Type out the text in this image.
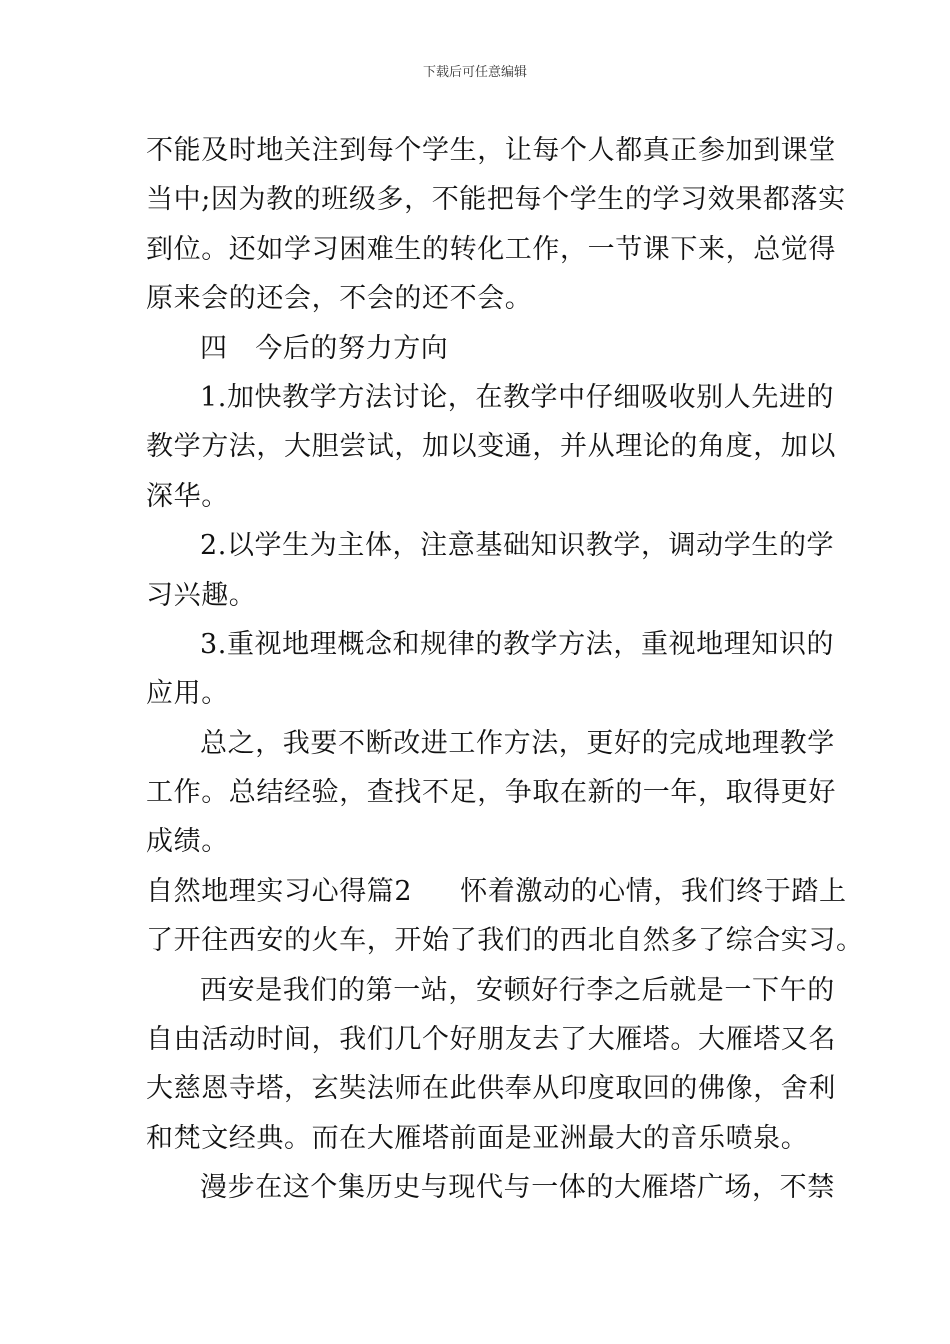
下载后可任意编辑
不能及时地关注到每个学生，让每个人都真正参加到课堂
当中;因为教的班级多，不能把每个学生的学习效果都落实
到位。还如学习困难生的转化工作，一节课下来，总觉得
原来会的还会，不会的还不会。
四　今后的努力方向
1.加快教学方法讨论，在教学中仔细吸收别人先进的
教学方法，大胆尝试，加以变通，并从理论的角度，加以
深华。
2.以学生为主体，注意基础知识教学，调动学生的学
习兴趣。
3.重视地理概念和规律的教学方法，重视地理知识的
应用。
总之，我要不断改进工作方法，更好的完成地理教学
工作。总结经验，查找不足，争取在新的一年，取得更好
成绩。
自然地理实习心得篇2 怀着激动的心情，我们终于踏上
了开往西安的火车，开始了我们的西北自然多了综合实习。
西安是我们的第一站，安顿好行李之后就是一下午的
自由活动时间，我们几个好朋友去了大雁塔。大雁塔又名
大慈恩寺塔，玄奘法师在此供奉从印度取回的佛像，舍利
和梵文经典。而在大雁塔前面是亚洲最大的音乐喷泉。
漫步在这个集历史与现代与一体的大雁塔广场，不禁
